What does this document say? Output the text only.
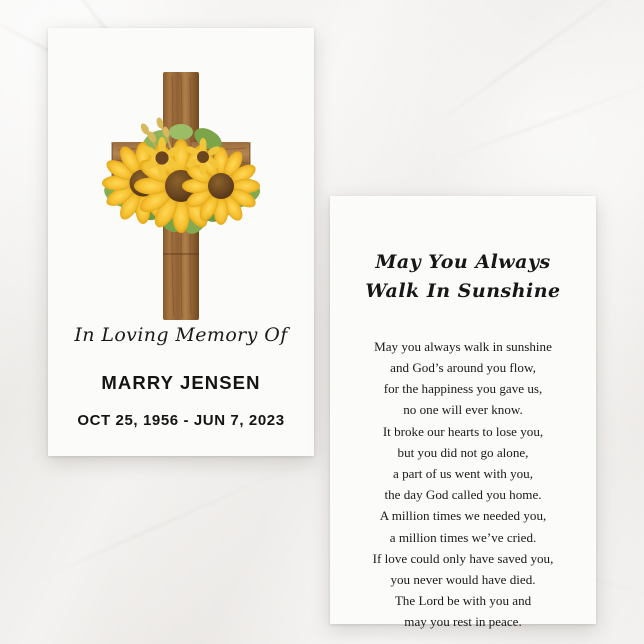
In Loving Memory Of

MARRY JENSEN

OCT 25, 1956 - JUN 7, 2023

May You Always
Walk In Sunshine

May you always walk in sunshine
and God’s around you flow,
for the happiness you gave us,
no one will ever know.
It broke our hearts to lose you,
but you did not go alone,
a part of us went with you,
the day God called you home.
A million times we needed you,
a million times we’ve cried.
If love could only have saved you,
you never would have died.
The Lord be with you and
may you rest in peace.
